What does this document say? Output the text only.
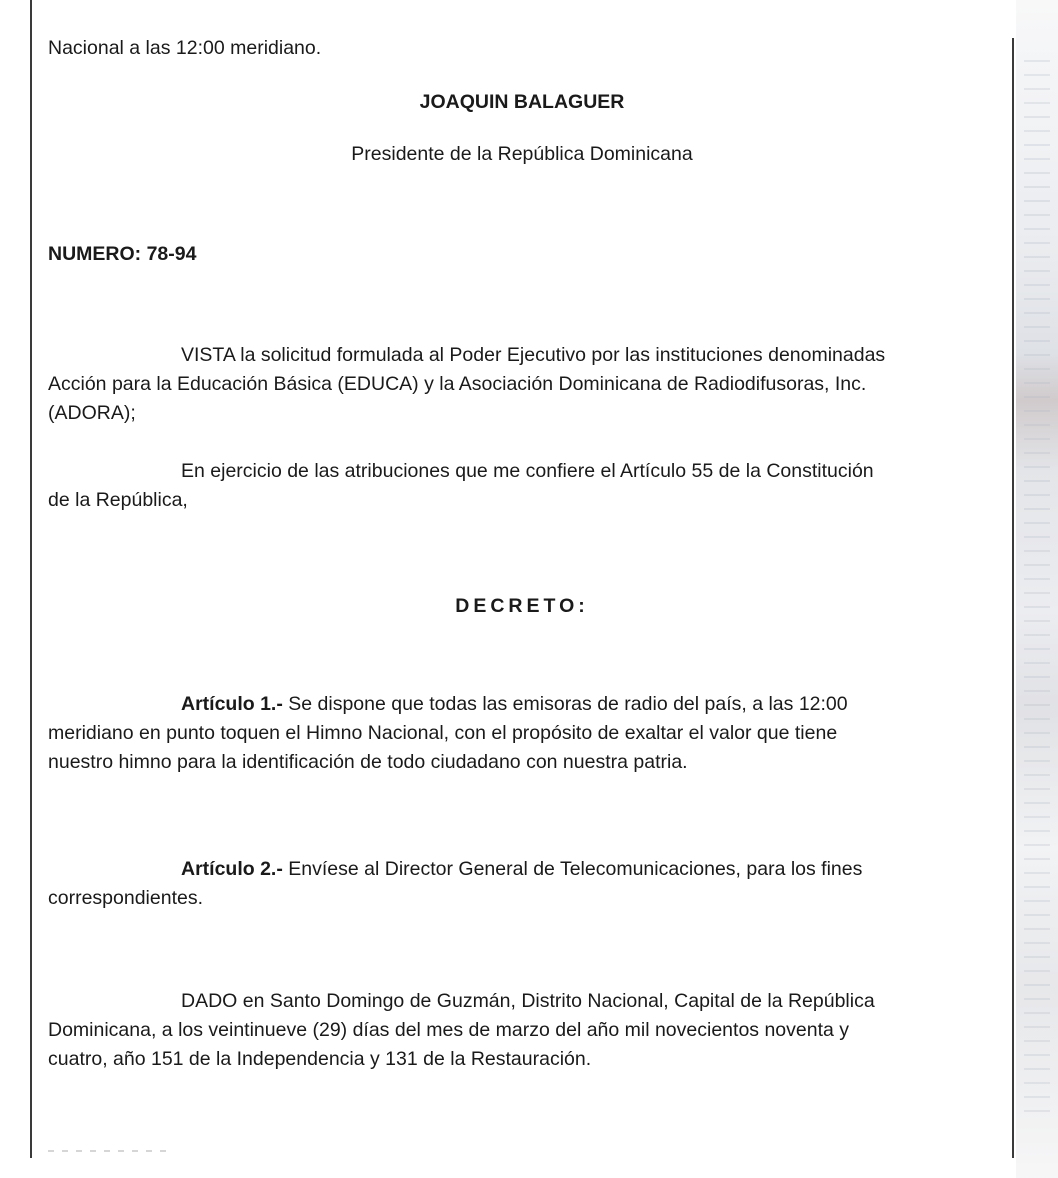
Nacional a las 12:00 meridiano.

JOAQUIN BALAGUER

Presidente de la República Dominicana

NUMERO: 78-94

VISTA la solicitud formulada al Poder Ejecutivo por las instituciones denominadas
Acción para la Educación Básica (EDUCA) y la Asociación Dominicana de Radiodifusoras, Inc.
(ADORA);
En ejercicio de las atribuciones que me confiere el Artículo 55 de la Constitución
de la República,

DECRETO:

Artículo 1.- Se dispone que todas las emisoras de radio del país, a las 12:00
meridiano en punto toquen el Himno Nacional, con el propósito de exaltar el valor que tiene
nuestro himno para la identificación de todo ciudadano con nuestra patria.
Artículo 2.- Envíese al Director General de Telecomunicaciones, para los fines
correspondientes.
DADO en Santo Domingo de Guzmán, Distrito Nacional, Capital de la República
Dominicana, a los veintinueve (29) días del mes de marzo del año mil novecientos noventa y
cuatro, año 151 de la Independencia y 131 de la Restauración.
